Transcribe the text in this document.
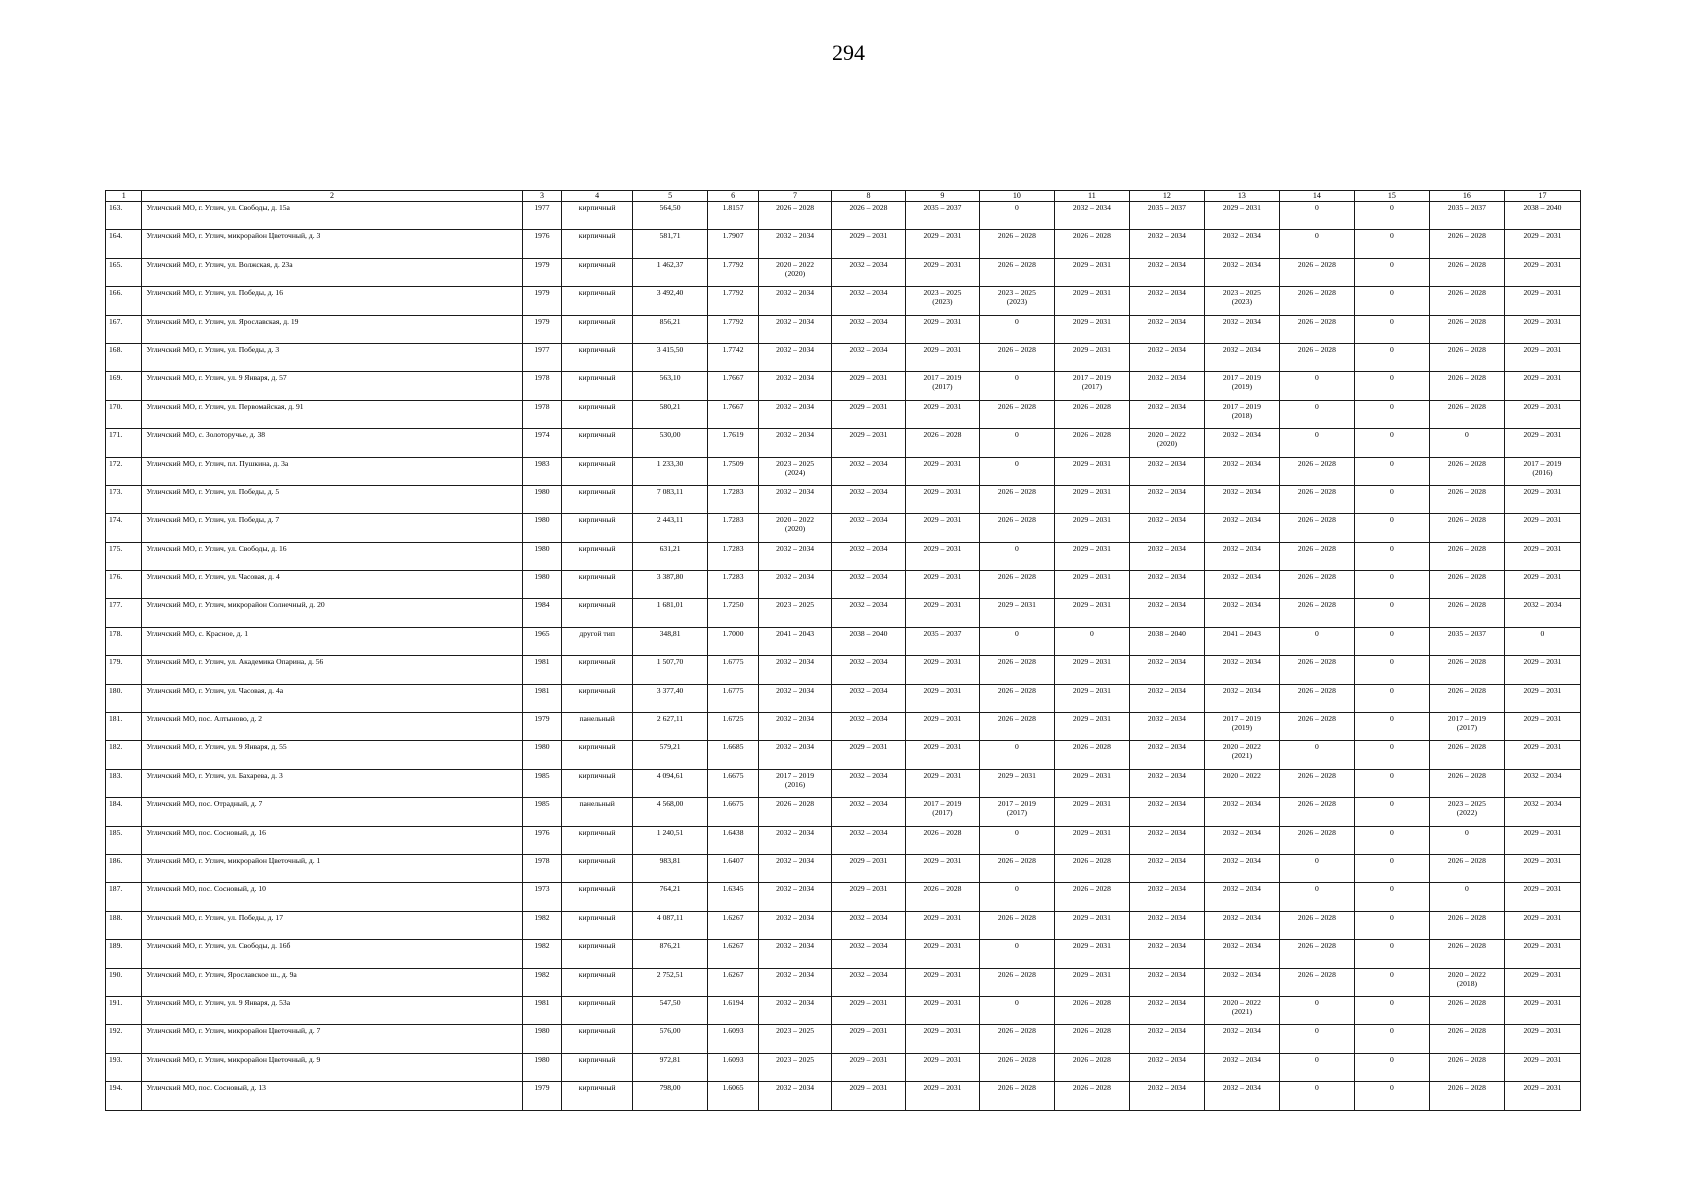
294
1	2	3	4	5	6	7	8	9	10	11	12	13	14	15	16	17

163.	Угличский МО, г. Углич, ул. Свободы, д. 15а	1977	кирпичный	564,50	1.8157	2026 – 2028	2026 – 2028	2035 – 2037	0	2032 – 2034	2035 – 2037	2029 – 2031	0	0	2035 – 2037	2038 – 2040

164.	Угличский МО, г. Углич, микрорайон Цветочный, д. 3	1976	кирпичный	581,71	1.7907	2032 – 2034	2029 – 2031	2029 – 2031	2026 – 2028	2026 – 2028	2032 – 2034	2032 – 2034	0	0	2026 – 2028	2029 – 2031

165.	Угличский МО, г. Углич, ул. Волжская, д. 23а	1979	кирпичный	1 462,37	1.7792	2020 – 2022
(2020)	2032 – 2034	2029 – 2031	2026 – 2028	2029 – 2031	2032 – 2034	2032 – 2034	2026 – 2028	0	2026 – 2028	2029 – 2031

166.	Угличский МО, г. Углич, ул. Победы, д. 16	1979	кирпичный	3 492,40	1.7792	2032 – 2034	2032 – 2034	2023 – 2025
(2023)	2023 – 2025
(2023)	2029 – 2031	2032 – 2034	2023 – 2025
(2023)	2026 – 2028	0	2026 – 2028	2029 – 2031

167.	Угличский МО, г. Углич, ул. Ярославская, д. 19	1979	кирпичный	856,21	1.7792	2032 – 2034	2032 – 2034	2029 – 2031	0	2029 – 2031	2032 – 2034	2032 – 2034	2026 – 2028	0	2026 – 2028	2029 – 2031

168.	Угличский МО, г. Углич, ул. Победы, д. 3	1977	кирпичный	3 415,50	1.7742	2032 – 2034	2032 – 2034	2029 – 2031	2026 – 2028	2029 – 2031	2032 – 2034	2032 – 2034	2026 – 2028	0	2026 – 2028	2029 – 2031

169.	Угличский МО, г. Углич, ул. 9 Января, д. 57	1978	кирпичный	563,10	1.7667	2032 – 2034	2029 – 2031	2017 – 2019
(2017)	0	2017 – 2019
(2017)	2032 – 2034	2017 – 2019
(2019)	0	0	2026 – 2028	2029 – 2031

170.	Угличский МО, г. Углич, ул. Первомайская, д. 91	1978	кирпичный	580,21	1.7667	2032 – 2034	2029 – 2031	2029 – 2031	2026 – 2028	2026 – 2028	2032 – 2034	2017 – 2019
(2018)	0	0	2026 – 2028	2029 – 2031

171.	Угличский МО, с. Золоторучье, д. 38	1974	кирпичный	530,00	1.7619	2032 – 2034	2029 – 2031	2026 – 2028	0	2026 – 2028	2020 – 2022
(2020)	2032 – 2034	0	0	0	2029 – 2031

172.	Угличский МО, г. Углич, пл. Пушкина, д. 3а	1983	кирпичный	1 233,30	1.7509	2023 – 2025
(2024)	2032 – 2034	2029 – 2031	0	2029 – 2031	2032 – 2034	2032 – 2034	2026 – 2028	0	2026 – 2028	2017 – 2019
(2016)

173.	Угличский МО, г. Углич, ул. Победы, д. 5	1980	кирпичный	7 083,11	1.7283	2032 – 2034	2032 – 2034	2029 – 2031	2026 – 2028	2029 – 2031	2032 – 2034	2032 – 2034	2026 – 2028	0	2026 – 2028	2029 – 2031

174.	Угличский МО, г. Углич, ул. Победы, д. 7	1980	кирпичный	2 443,11	1.7283	2020 – 2022
(2020)	2032 – 2034	2029 – 2031	2026 – 2028	2029 – 2031	2032 – 2034	2032 – 2034	2026 – 2028	0	2026 – 2028	2029 – 2031

175.	Угличский МО, г. Углич, ул. Свободы, д. 16	1980	кирпичный	631,21	1.7283	2032 – 2034	2032 – 2034	2029 – 2031	0	2029 – 2031	2032 – 2034	2032 – 2034	2026 – 2028	0	2026 – 2028	2029 – 2031

176.	Угличский МО, г. Углич, ул. Часовая, д. 4	1980	кирпичный	3 387,80	1.7283	2032 – 2034	2032 – 2034	2029 – 2031	2026 – 2028	2029 – 2031	2032 – 2034	2032 – 2034	2026 – 2028	0	2026 – 2028	2029 – 2031

177.	Угличский МО, г. Углич, микрорайон Солнечный, д. 20	1984	кирпичный	1 681,01	1.7250	2023 – 2025	2032 – 2034	2029 – 2031	2029 – 2031	2029 – 2031	2032 – 2034	2032 – 2034	2026 – 2028	0	2026 – 2028	2032 – 2034

178.	Угличский МО, с. Красное, д. 1	1965	другой тип	348,81	1.7000	2041 – 2043	2038 – 2040	2035 – 2037	0	0	2038 – 2040	2041 – 2043	0	0	2035 – 2037	0

179.	Угличский МО, г. Углич, ул. Академика Опарина, д. 56	1981	кирпичный	1 507,70	1.6775	2032 – 2034	2032 – 2034	2029 – 2031	2026 – 2028	2029 – 2031	2032 – 2034	2032 – 2034	2026 – 2028	0	2026 – 2028	2029 – 2031

180.	Угличский МО, г. Углич, ул. Часовая, д. 4а	1981	кирпичный	3 377,40	1.6775	2032 – 2034	2032 – 2034	2029 – 2031	2026 – 2028	2029 – 2031	2032 – 2034	2032 – 2034	2026 – 2028	0	2026 – 2028	2029 – 2031

181.	Угличский МО, пос. Алтыново, д. 2	1979	панельный	2 627,11	1.6725	2032 – 2034	2032 – 2034	2029 – 2031	2026 – 2028	2029 – 2031	2032 – 2034	2017 – 2019
(2019)	2026 – 2028	0	2017 – 2019
(2017)	2029 – 2031

182.	Угличский МО, г. Углич, ул. 9 Января, д. 55	1980	кирпичный	579,21	1.6685	2032 – 2034	2029 – 2031	2029 – 2031	0	2026 – 2028	2032 – 2034	2020 – 2022
(2021)	0	0	2026 – 2028	2029 – 2031

183.	Угличский МО, г. Углич, ул. Бахарева, д. 3	1985	кирпичный	4 094,61	1.6675	2017 – 2019
(2016)	2032 – 2034	2029 – 2031	2029 – 2031	2029 – 2031	2032 – 2034	2020 – 2022	2026 – 2028	0	2026 – 2028	2032 – 2034

184.	Угличский МО, пос. Отрадный, д. 7	1985	панельный	4 568,00	1.6675	2026 – 2028	2032 – 2034	2017 – 2019
(2017)	2017 – 2019
(2017)	2029 – 2031	2032 – 2034	2032 – 2034	2026 – 2028	0	2023 – 2025
(2022)	2032 – 2034

185.	Угличский МО, пос. Сосновый, д. 16	1976	кирпичный	1 240,51	1.6438	2032 – 2034	2032 – 2034	2026 – 2028	0	2029 – 2031	2032 – 2034	2032 – 2034	2026 – 2028	0	0	2029 – 2031

186.	Угличский МО, г. Углич, микрорайон Цветочный, д. 1	1978	кирпичный	983,81	1.6407	2032 – 2034	2029 – 2031	2029 – 2031	2026 – 2028	2026 – 2028	2032 – 2034	2032 – 2034	0	0	2026 – 2028	2029 – 2031

187.	Угличский МО, пос. Сосновый, д. 10	1973	кирпичный	764,21	1.6345	2032 – 2034	2029 – 2031	2026 – 2028	0	2026 – 2028	2032 – 2034	2032 – 2034	0	0	0	2029 – 2031

188.	Угличский МО, г. Углич, ул. Победы, д. 17	1982	кирпичный	4 087,11	1.6267	2032 – 2034	2032 – 2034	2029 – 2031	2026 – 2028	2029 – 2031	2032 – 2034	2032 – 2034	2026 – 2028	0	2026 – 2028	2029 – 2031

189.	Угличский МО, г. Углич, ул. Свободы, д. 16б	1982	кирпичный	876,21	1.6267	2032 – 2034	2032 – 2034	2029 – 2031	0	2029 – 2031	2032 – 2034	2032 – 2034	2026 – 2028	0	2026 – 2028	2029 – 2031

190.	Угличский МО, г. Углич, Ярославское ш., д. 9а	1982	кирпичный	2 752,51	1.6267	2032 – 2034	2032 – 2034	2029 – 2031	2026 – 2028	2029 – 2031	2032 – 2034	2032 – 2034	2026 – 2028	0	2020 – 2022
(2018)	2029 – 2031

191.	Угличский МО, г. Углич, ул. 9 Января, д. 53а	1981	кирпичный	547,50	1.6194	2032 – 2034	2029 – 2031	2029 – 2031	0	2026 – 2028	2032 – 2034	2020 – 2022
(2021)	0	0	2026 – 2028	2029 – 2031

192.	Угличский МО, г. Углич, микрорайон Цветочный, д. 7	1980	кирпичный	576,00	1.6093	2023 – 2025	2029 – 2031	2029 – 2031	2026 – 2028	2026 – 2028	2032 – 2034	2032 – 2034	0	0	2026 – 2028	2029 – 2031

193.	Угличский МО, г. Углич, микрорайон Цветочный, д. 9	1980	кирпичный	972,81	1.6093	2023 – 2025	2029 – 2031	2029 – 2031	2026 – 2028	2026 – 2028	2032 – 2034	2032 – 2034	0	0	2026 – 2028	2029 – 2031

194.	Угличский МО, пос. Сосновый, д. 13	1979	кирпичный	798,00	1.6065	2032 – 2034	2029 – 2031	2029 – 2031	2026 – 2028	2026 – 2028	2032 – 2034	2032 – 2034	0	0	2026 – 2028	2029 – 2031
